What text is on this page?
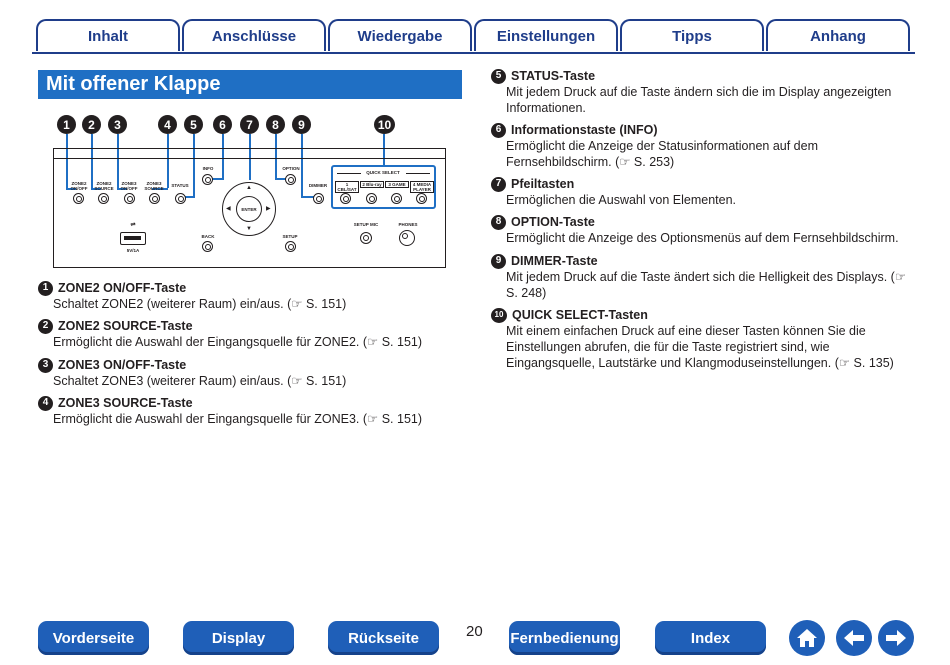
Inhalt	Anschlüsse	Wiedergabe	Einstellungen	Tipps	Anhang
Mit offener Klappe
1	2	3	4	5	6	7	8	9	10
ZONE2 ON/OFF
ZONE2 SOURCE
ZONE3 ON/OFF
ZONE3 SOURCE
STATUS
INFO
▲
▼
◀	▶
ENTER
OPTION
DIMMER
QUICK SELECT
1 CBL/SAT
2 Blu-ray	3 GAME	4 MEDIA PLAYER
⇌
5V/1A
BACK	SETUP
SETUP MIC	PHONES
1 ZONE2 ON/OFF-Taste
Schaltet ZONE2 (weiterer Raum) ein/aus. (☞ S. 151)
2 ZONE2 SOURCE-Taste
Ermöglicht die Auswahl der Eingangsquelle für ZONE2. (☞ S. 151)
3 ZONE3 ON/OFF-Taste
Schaltet ZONE3 (weiterer Raum) ein/aus. (☞ S. 151)
4 ZONE3 SOURCE-Taste
Ermöglicht die Auswahl der Eingangsquelle für ZONE3. (☞ S. 151)
5 STATUS-Taste
Mit jedem Druck auf die Taste ändern sich die im Display angezeigten Informationen.
6 Informationstaste (INFO)
Ermöglicht die Anzeige der Statusinformationen auf dem Fernsehbildschirm. (☞ S. 253)
7 Pfeiltasten
Ermöglichen die Auswahl von Elementen.
8 OPTION-Taste
Ermöglicht die Anzeige des Optionsmenüs auf dem Fernsehbildschirm.
9 DIMMER-Taste
Mit jedem Druck auf die Taste ändert sich die Helligkeit des Displays. (☞ S. 248)
10 QUICK SELECT-Tasten
Mit einem einfachen Druck auf eine dieser Tasten können Sie die Einstellungen abrufen, die für die Taste registriert sind, wie Eingangsquelle, Lautstärke und Klangmoduseinstellungen. (☞ S. 135)
Vorderseite	Display	Rückseite	20 Fernbedienung	Index
